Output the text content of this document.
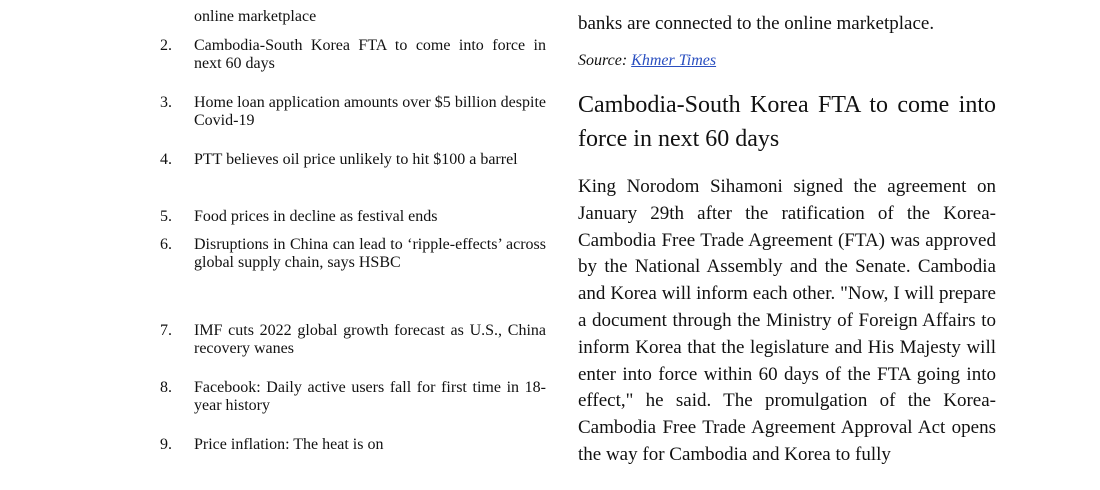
online marketplace
2.	Cambodia-South Korea FTA to come into force in next 60 days
3.	Home loan application amounts over $5 billion despite Covid-19
4.	PTT believes oil price unlikely to hit $100 a barrel
5.	Food prices in decline as festival ends
6.	Disruptions in China can lead to ‘ripple-effects’ across global supply chain, says HSBC
7.	IMF cuts 2022 global growth forecast as U.S., China recovery wanes
8.	Facebook: Daily active users fall for first time in 18-year history
9.	Price inflation: The heat is on
banks are connected to the online marketplace.
Source: Khmer Times
Cambodia-South Korea FTA to come into force in next 60 days

King Norodom Sihamoni signed the agreement on January 29th after the ratification of the Korea-Cambodia Free Trade Agreement (FTA) was approved by the National Assembly and the Senate. Cambodia and Korea will inform each other. "Now, I will prepare a document through the Ministry of Foreign Affairs to inform Korea that the legislature and His Majesty will enter into force within 60 days of the FTA going into effect," he said. The promulgation of the Korea-Cambodia Free Trade Agreement Approval Act opens the way for Cambodia and Korea to fully
